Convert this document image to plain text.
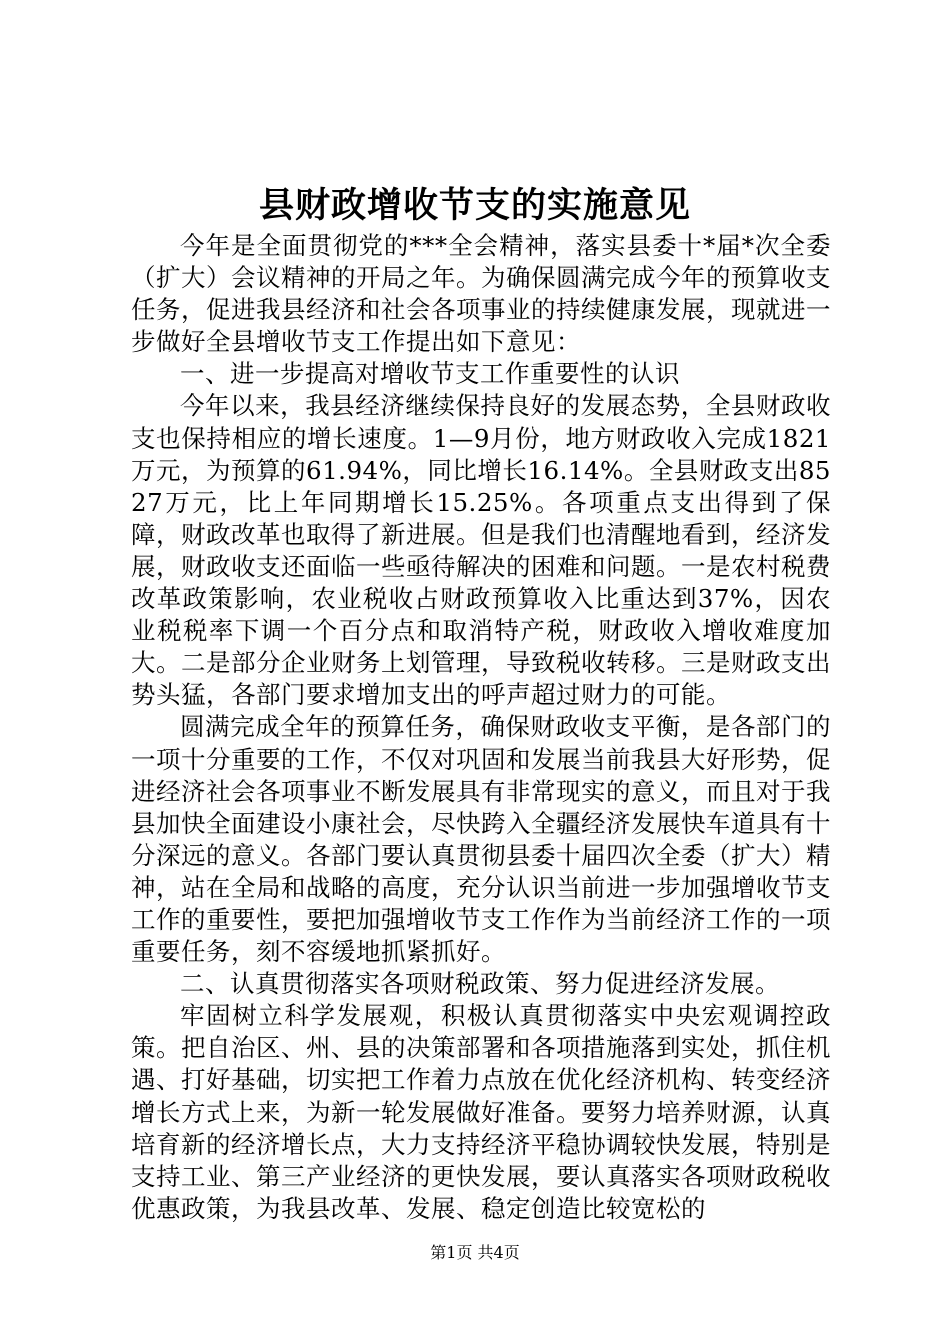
县财政增收节支的实施意见

今年是全面贯彻党的***全会精神，落实县委十*届*次全委（扩大）会议精神的开局之年。为确保圆满完成今年的预算收支任务，促进我县经济和社会各项事业的持续健康发展，现就进一步做好全县增收节支工作提出如下意见：

一、进一步提高对增收节支工作重要性的认识

今年以来，我县经济继续保持良好的发展态势，全县财政收支也保持相应的增长速度。1—9月份，地方财政收入完成1821万元，为预算的61.94%，同比增长16.14%。全县财政支出8527万元，比上年同期增长15.25%。各项重点支出得到了保障，财政改革也取得了新进展。但是我们也清醒地看到，经济发展，财政收支还面临一些亟待解决的困难和问题。一是农村税费改革政策影响，农业税收占财政预算收入比重达到37%，因农业税税率下调一个百分点和取消特产税，财政收入增收难度加大。二是部分企业财务上划管理，导致税收转移。三是财政支出势头猛，各部门要求增加支出的呼声超过财力的可能。

圆满完成全年的预算任务，确保财政收支平衡，是各部门的一项十分重要的工作，不仅对巩固和发展当前我县大好形势，促进经济社会各项事业不断发展具有非常现实的意义，而且对于我县加快全面建设小康社会，尽快跨入全疆经济发展快车道具有十分深远的意义。各部门要认真贯彻县委十届四次全委（扩大）精神，站在全局和战略的高度，充分认识当前进一步加强增收节支工作的重要性，要把加强增收节支工作作为当前经济工作的一项重要任务，刻不容缓地抓紧抓好。

二、认真贯彻落实各项财税政策、努力促进经济发展。

牢固树立科学发展观，积极认真贯彻落实中央宏观调控政策。把自治区、州、县的决策部署和各项措施落到实处，抓住机遇、打好基础，切实把工作着力点放在优化经济机构、转变经济增长方式上来，为新一轮发展做好准备。要努力培养财源，认真培育新的经济增长点，大力支持经济平稳协调较快发展，特别是支持工业、第三产业经济的更快发展，要认真落实各项财政税收优惠政策，为我县改革、发展、稳定创造比较宽松的

第1页 共4页
